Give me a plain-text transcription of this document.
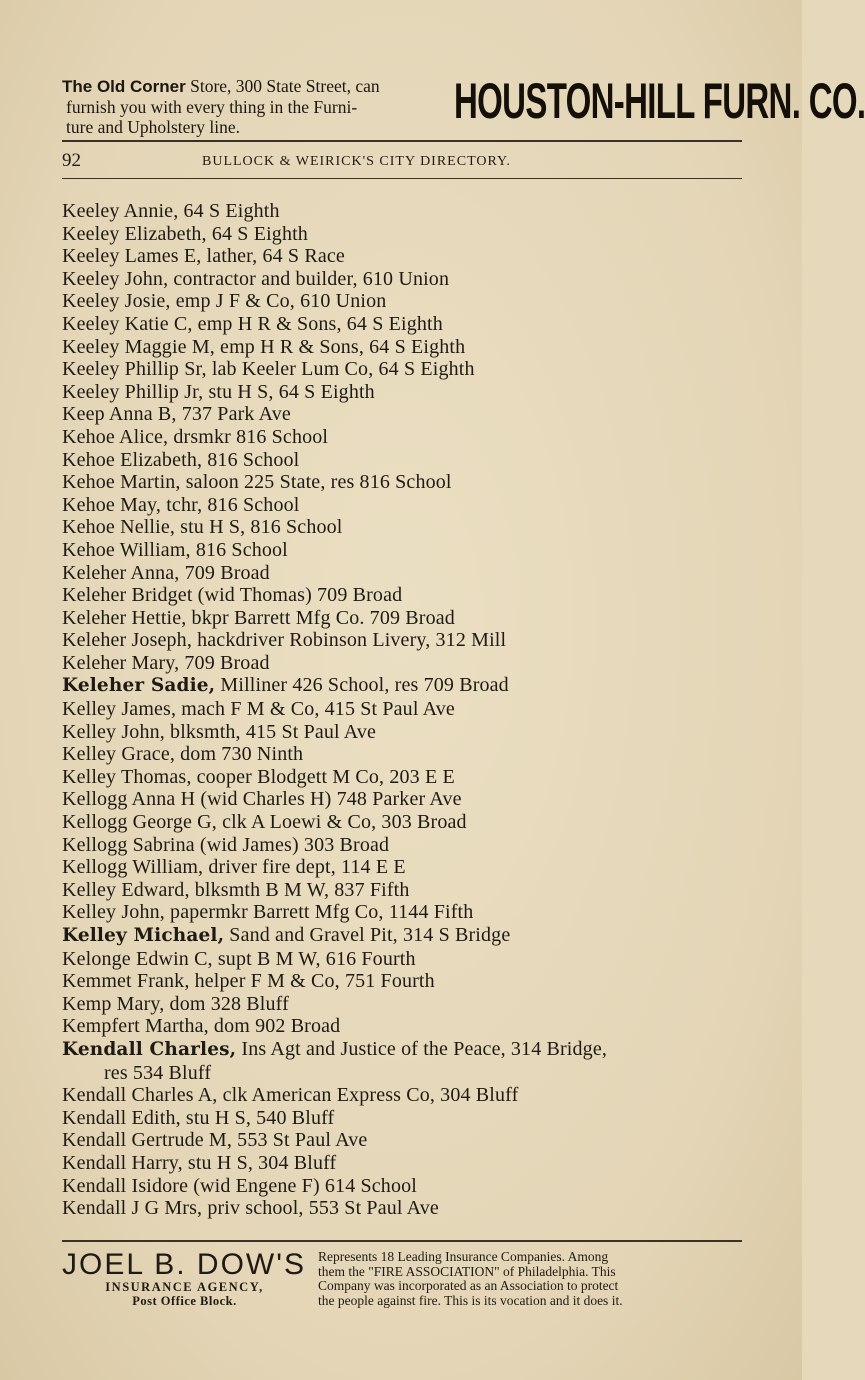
The Old Corner Store, 300 State Street, can
furnish you with every thing in the Furni-
ture and Upholstery line.	HOUSTON-HILL FURN. CO.
92	BULLOCK & WEIRICK'S CITY DIRECTORY.
Keeley Annie, 64 S Eighth
Keeley Elizabeth, 64 S Eighth
Keeley Lames E, lather, 64 S Race
Keeley John, contractor and builder, 610 Union
Keeley Josie, emp J F & Co, 610 Union
Keeley Katie C, emp H R & Sons, 64 S Eighth
Keeley Maggie M, emp H R & Sons, 64 S Eighth
Keeley Phillip Sr, lab Keeler Lum Co, 64 S Eighth
Keeley Phillip Jr, stu H S, 64 S Eighth
Keep Anna B, 737 Park Ave
Kehoe Alice, drsmkr 816 School
Kehoe Elizabeth, 816 School
Kehoe Martin, saloon 225 State, res 816 School
Kehoe May, tchr, 816 School
Kehoe Nellie, stu H S, 816 School
Kehoe William, 816 School
Keleher Anna, 709 Broad
Keleher Bridget (wid Thomas) 709 Broad
Keleher Hettie, bkpr Barrett Mfg Co. 709 Broad
Keleher Joseph, hackdriver Robinson Livery, 312 Mill
Keleher Mary, 709 Broad
Keleher Sadie, Milliner 426 School, res 709 Broad
Kelley James, mach F M & Co, 415 St Paul Ave
Kelley John, blksmth, 415 St Paul Ave
Kelley Grace, dom 730 Ninth
Kelley Thomas, cooper Blodgett M Co, 203 E E
Kellogg Anna H (wid Charles H) 748 Parker Ave
Kellogg George G, clk A Loewi & Co, 303 Broad
Kellogg Sabrina (wid James) 303 Broad
Kellogg William, driver fire dept, 114 E E
Kelley Edward, blksmth B M W, 837 Fifth
Kelley John, papermkr Barrett Mfg Co, 1144 Fifth
Kelley Michael, Sand and Gravel Pit, 314 S Bridge
Kelonge Edwin C, supt B M W, 616 Fourth
Kemmet Frank, helper F M & Co, 751 Fourth
Kemp Mary, dom 328 Bluff
Kempfert Martha, dom 902 Broad
Kendall Charles, Ins Agt and Justice of the Peace, 314 Bridge,
res 534 Bluff
Kendall Charles A, clk American Express Co, 304 Bluff
Kendall Edith, stu H S, 540 Bluff
Kendall Gertrude M, 553 St Paul Ave
Kendall Harry, stu H S, 304 Bluff
Kendall Isidore (wid Engene F) 614 School
Kendall J G Mrs, priv school, 553 St Paul Ave
JOEL B. DOW'S
INSURANCE AGENCY,
Post Office Block.
Represents 18 Leading Insurance Companies. Among
them the "FIRE ASSOCIATION" of Philadelphia. This
Company was incorporated as an Association to protect
the people against fire. This is its vocation and it does it.
